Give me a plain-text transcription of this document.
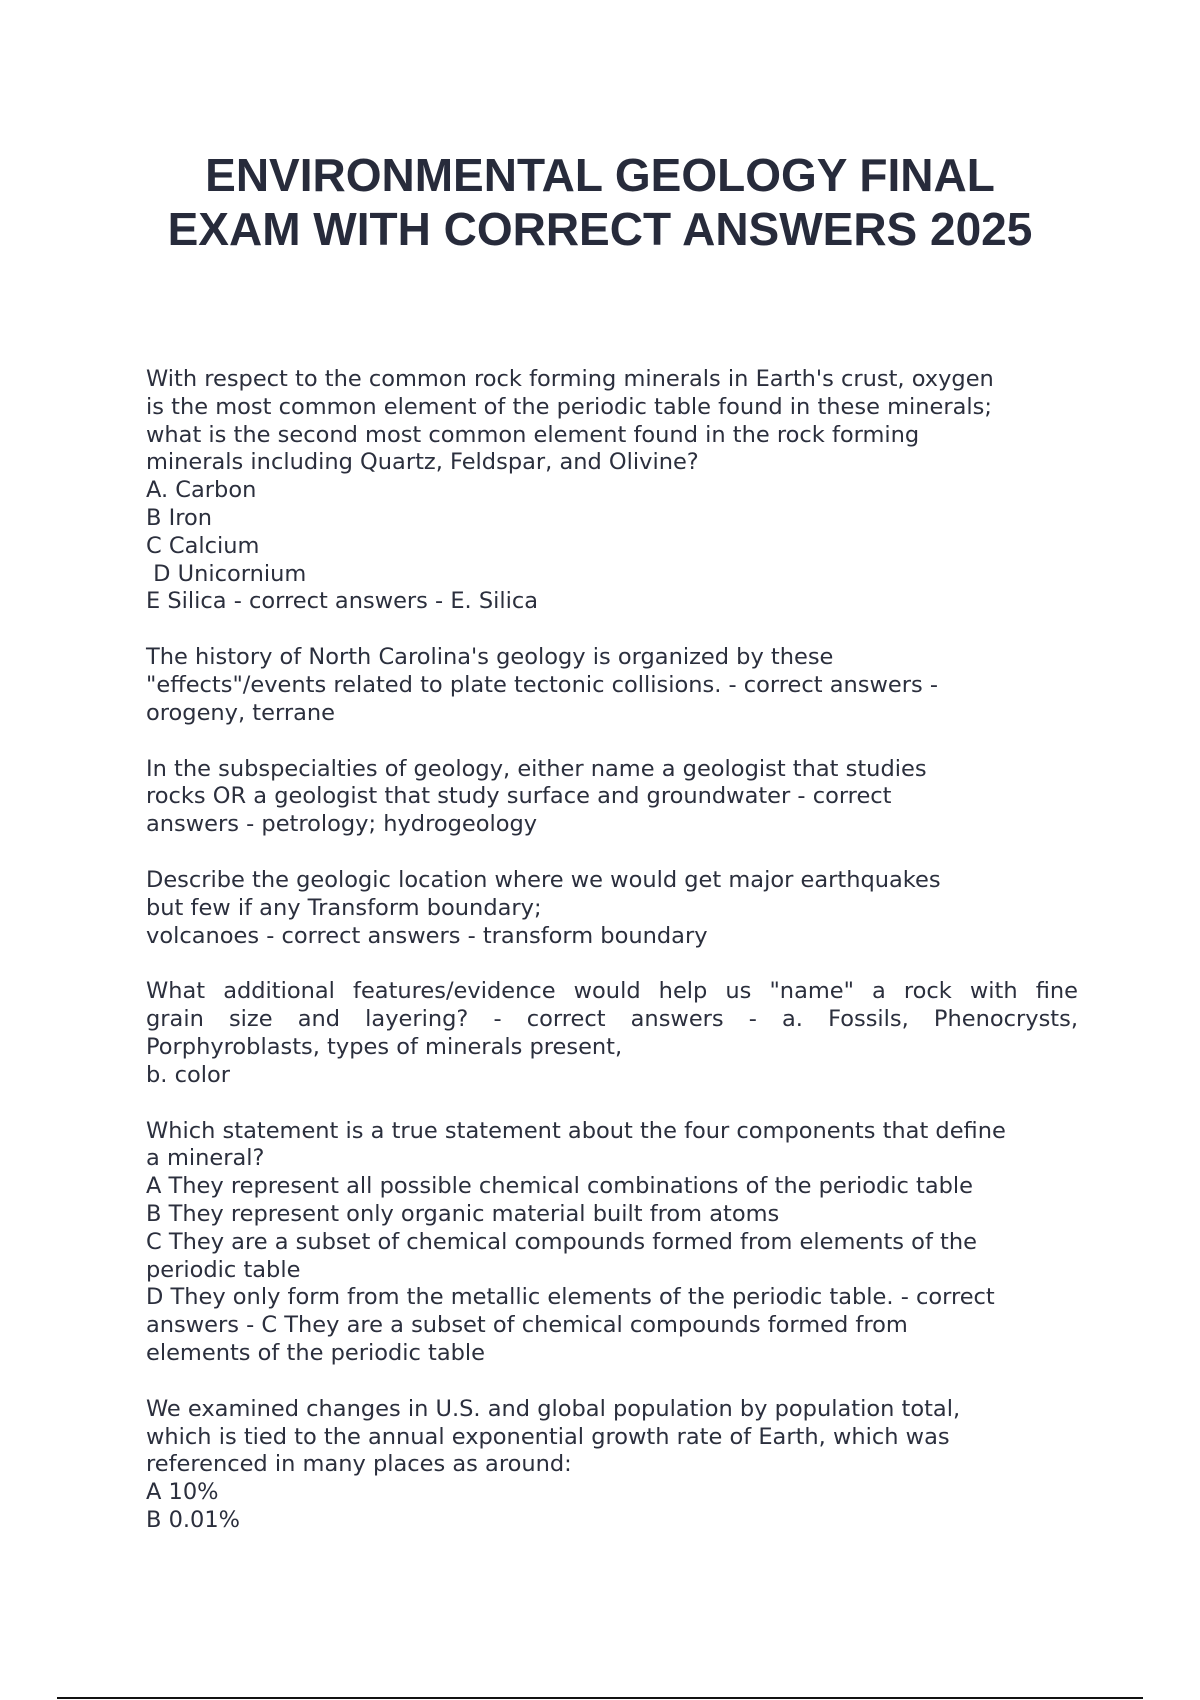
ENVIRONMENTAL GEOLOGY FINAL
EXAM WITH CORRECT ANSWERS 2025
With respect to the common rock forming minerals in Earth's crust, oxygen
is the most common element of the periodic table found in these minerals;
what is the second most common element found in the rock forming
minerals including Quartz, Feldspar, and Olivine?
A. Carbon
B Iron
C Calcium
D Unicornium
E Silica - correct answers - E. Silica
The history of North Carolina's geology is organized by these
"effects"/events related to plate tectonic collisions. - correct answers -
orogeny, terrane
In the subspecialties of geology, either name a geologist that studies
rocks OR a geologist that study surface and groundwater - correct
answers - petrology; hydrogeology
Describe the geologic location where we would get major earthquakes
but few if any Transform boundary;
volcanoes - correct answers - transform boundary
What additional features/evidence would help us "name" a rock with fine
grain size and layering? - correct answers - a. Fossils, Phenocrysts,
Porphyroblasts, types of minerals present,
b. color
Which statement is a true statement about the four components that define
a mineral?
A They represent all possible chemical combinations of the periodic table
B They represent only organic material built from atoms
C They are a subset of chemical compounds formed from elements of the
periodic table
D They only form from the metallic elements of the periodic table. - correct
answers - C They are a subset of chemical compounds formed from
elements of the periodic table
We examined changes in U.S. and global population by population total,
which is tied to the annual exponential growth rate of Earth, which was
referenced in many places as around:
A 10%
B 0.01%
